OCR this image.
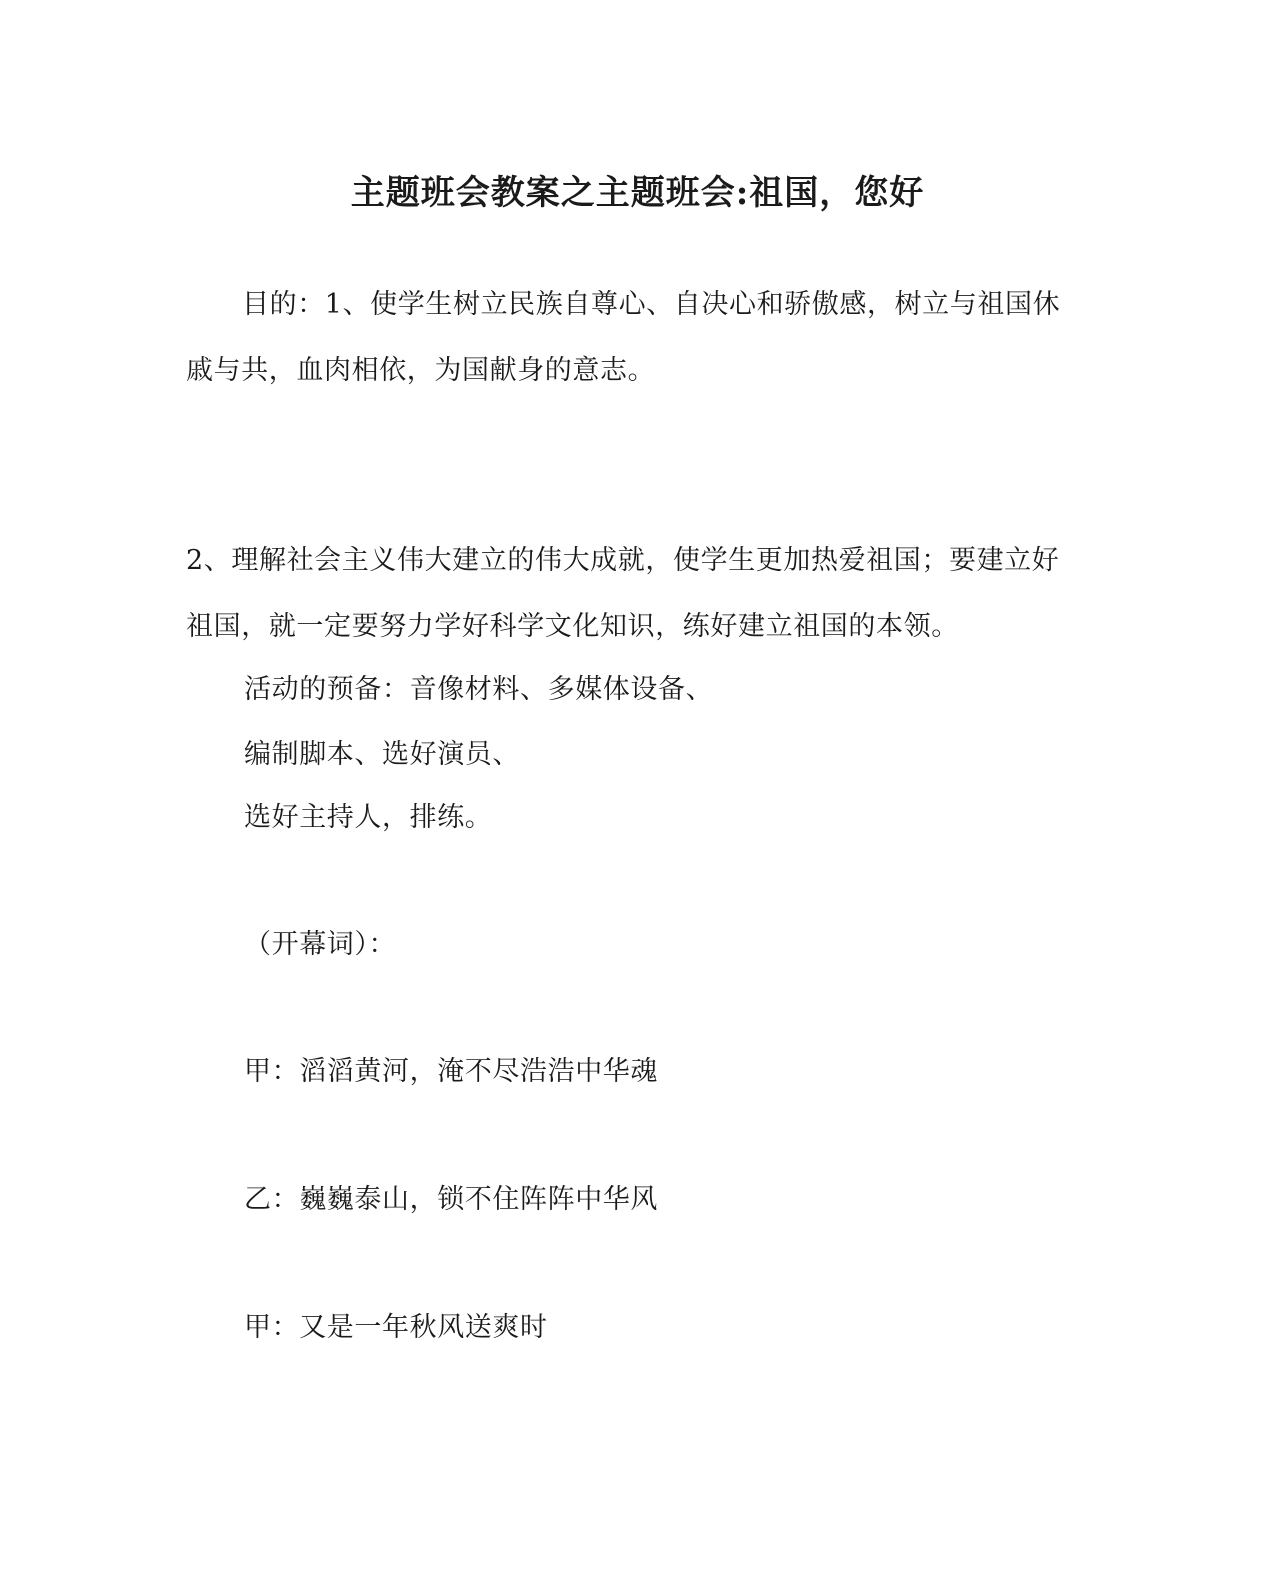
主题班会教案之主题班会:祖国，您好
目的：1、使学生树立民族自尊心、自决心和骄傲感，树立与祖国休戚与共，血肉相依，为国献身的意志。
2、理解社会主义伟大建立的伟大成就，使学生更加热爱祖国；要建立好祖国，就一定要努力学好科学文化知识，练好建立祖国的本领。
活动的预备：音像材料、多媒体设备、
编制脚本、选好演员、
选好主持人，排练。
（开幕词）：
甲：滔滔黄河，淹不尽浩浩中华魂
乙：巍巍泰山，锁不住阵阵中华风
甲：又是一年秋风送爽时
